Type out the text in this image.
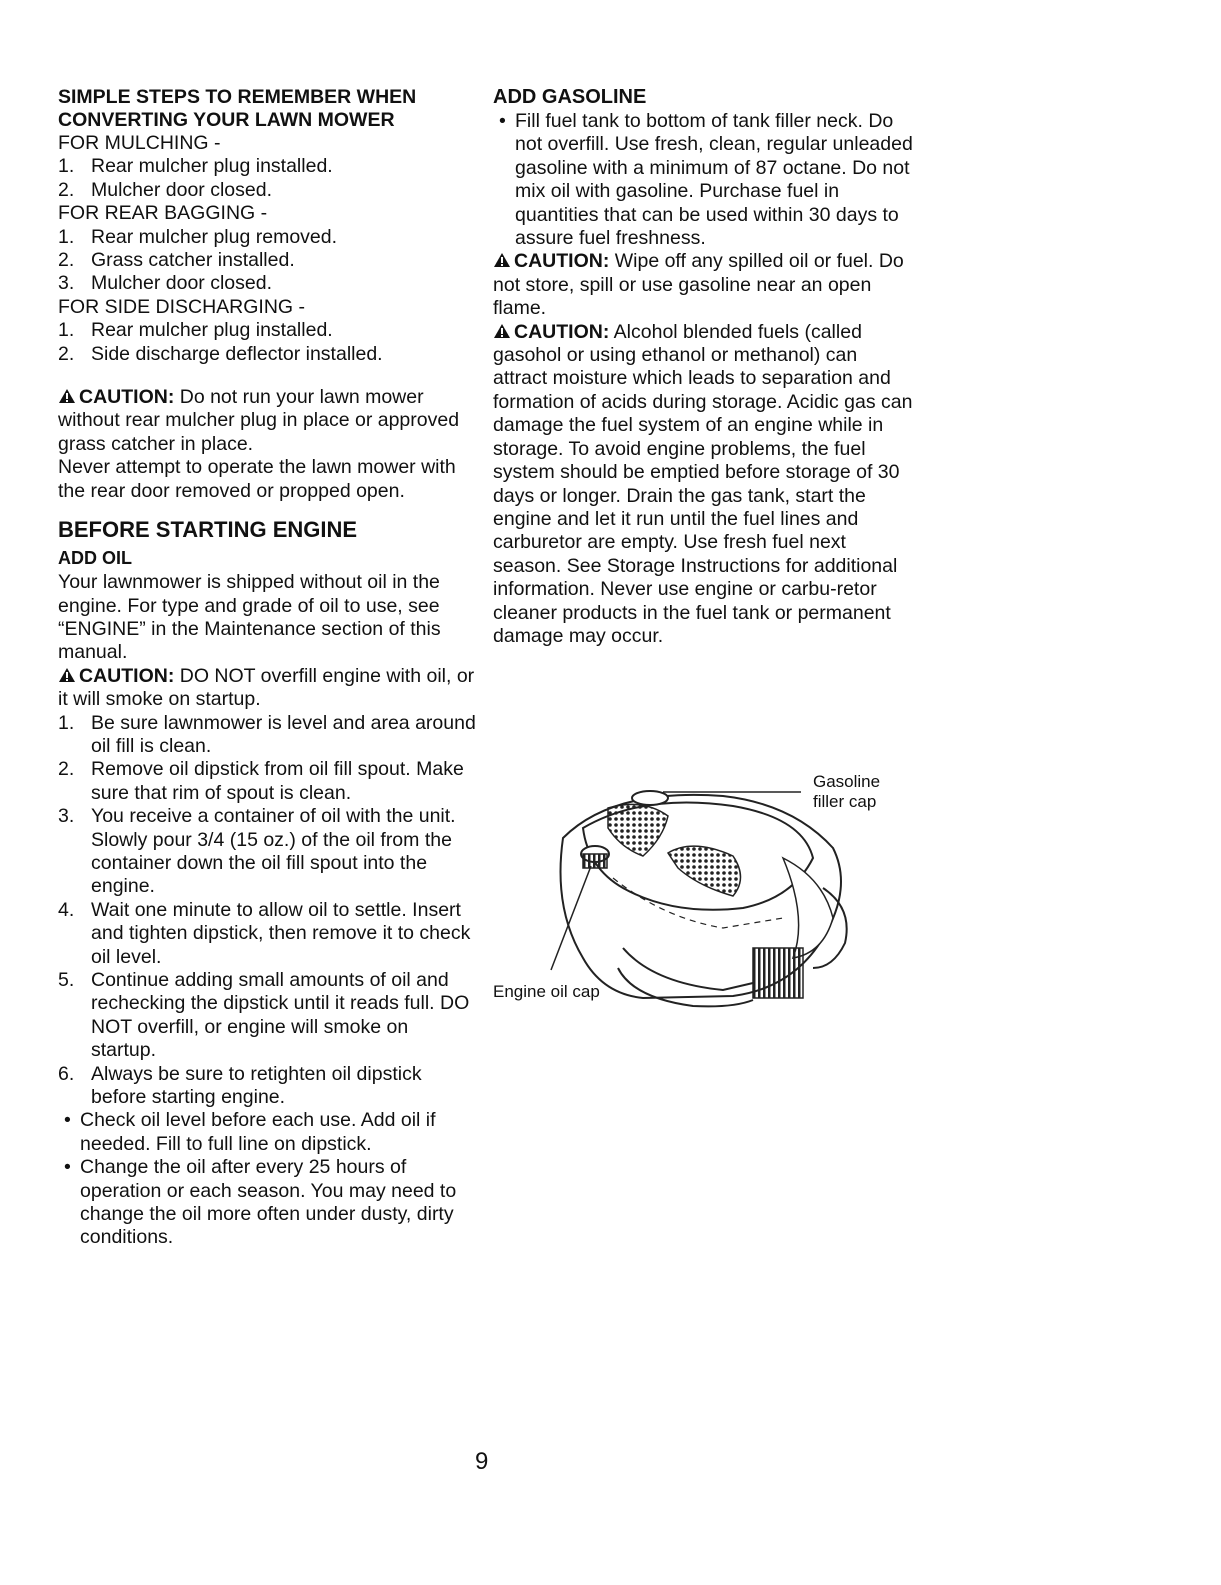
SIMPLE STEPS TO REMEMBER WHEN CONVERTING YOUR LAWN MOWER

FOR MULCHING -

1. Rear mulcher plug installed.
2. Mulcher door closed.

FOR REAR BAGGING -

1. Rear mulcher plug removed.
2. Grass catcher installed.
3. Mulcher door closed.

FOR SIDE DISCHARGING -

1. Rear mulcher plug installed.
2. Side discharge deflector installed.

CAUTION: Do not run your lawn mower without rear mulcher plug in place or approved grass catcher in place.

Never attempt to operate the lawn mower with the rear door removed or propped open.

BEFORE STARTING ENGINE

ADD OIL

Your lawnmower is shipped without oil in the engine. For type and grade of oil to use, see “ENGINE” in the Maintenance section of this manual.

CAUTION: DO NOT overfill engine with oil, or it will smoke on startup.

1. Be sure lawnmower is level and area around oil fill is clean.
2. Remove oil dipstick from oil fill spout. Make sure that rim of spout is clean.
3. You receive a container of oil with the unit. Slowly pour 3/4 (15 oz.) of the oil from the container down the oil fill spout into the engine.
4. Wait one minute to allow oil to settle. Insert and tighten dipstick, then remove it to check oil level.
5. Continue adding small amounts of oil and rechecking the dipstick until it reads full. DO NOT overfill, or engine will smoke on startup.
6. Always be sure to retighten oil dipstick before starting engine.
• Check oil level before each use. Add oil if needed. Fill to full line on dipstick.
• Change the oil after every 25 hours of operation or each season. You may need to change the oil more often under dusty, dirty conditions.

ADD GASOLINE

• Fill fuel tank to bottom of tank filler neck. Do not overfill. Use fresh, clean, regular unleaded gasoline with a minimum of 87 octane. Do not mix oil with gasoline. Purchase fuel in quantities that can be used within 30 days to assure fuel freshness.

CAUTION: Wipe off any spilled oil or fuel. Do not store, spill or use gasoline near an open flame.

CAUTION: Alcohol blended fuels (called gasohol or using ethanol or methanol) can attract moisture which leads to separation and formation of acids during storage. Acidic gas can damage the fuel system of an engine while in storage. To avoid engine problems, the fuel system should be emptied before storage of 30 days or longer. Drain the gas tank, start the engine and let it run until the fuel lines and carburetor are empty. Use fresh fuel next season. See Storage Instructions for additional information. Never use engine or carbu-retor cleaner products in the fuel tank or permanent damage may occur.

Gasoline
filler cap
Engine oil cap
9
